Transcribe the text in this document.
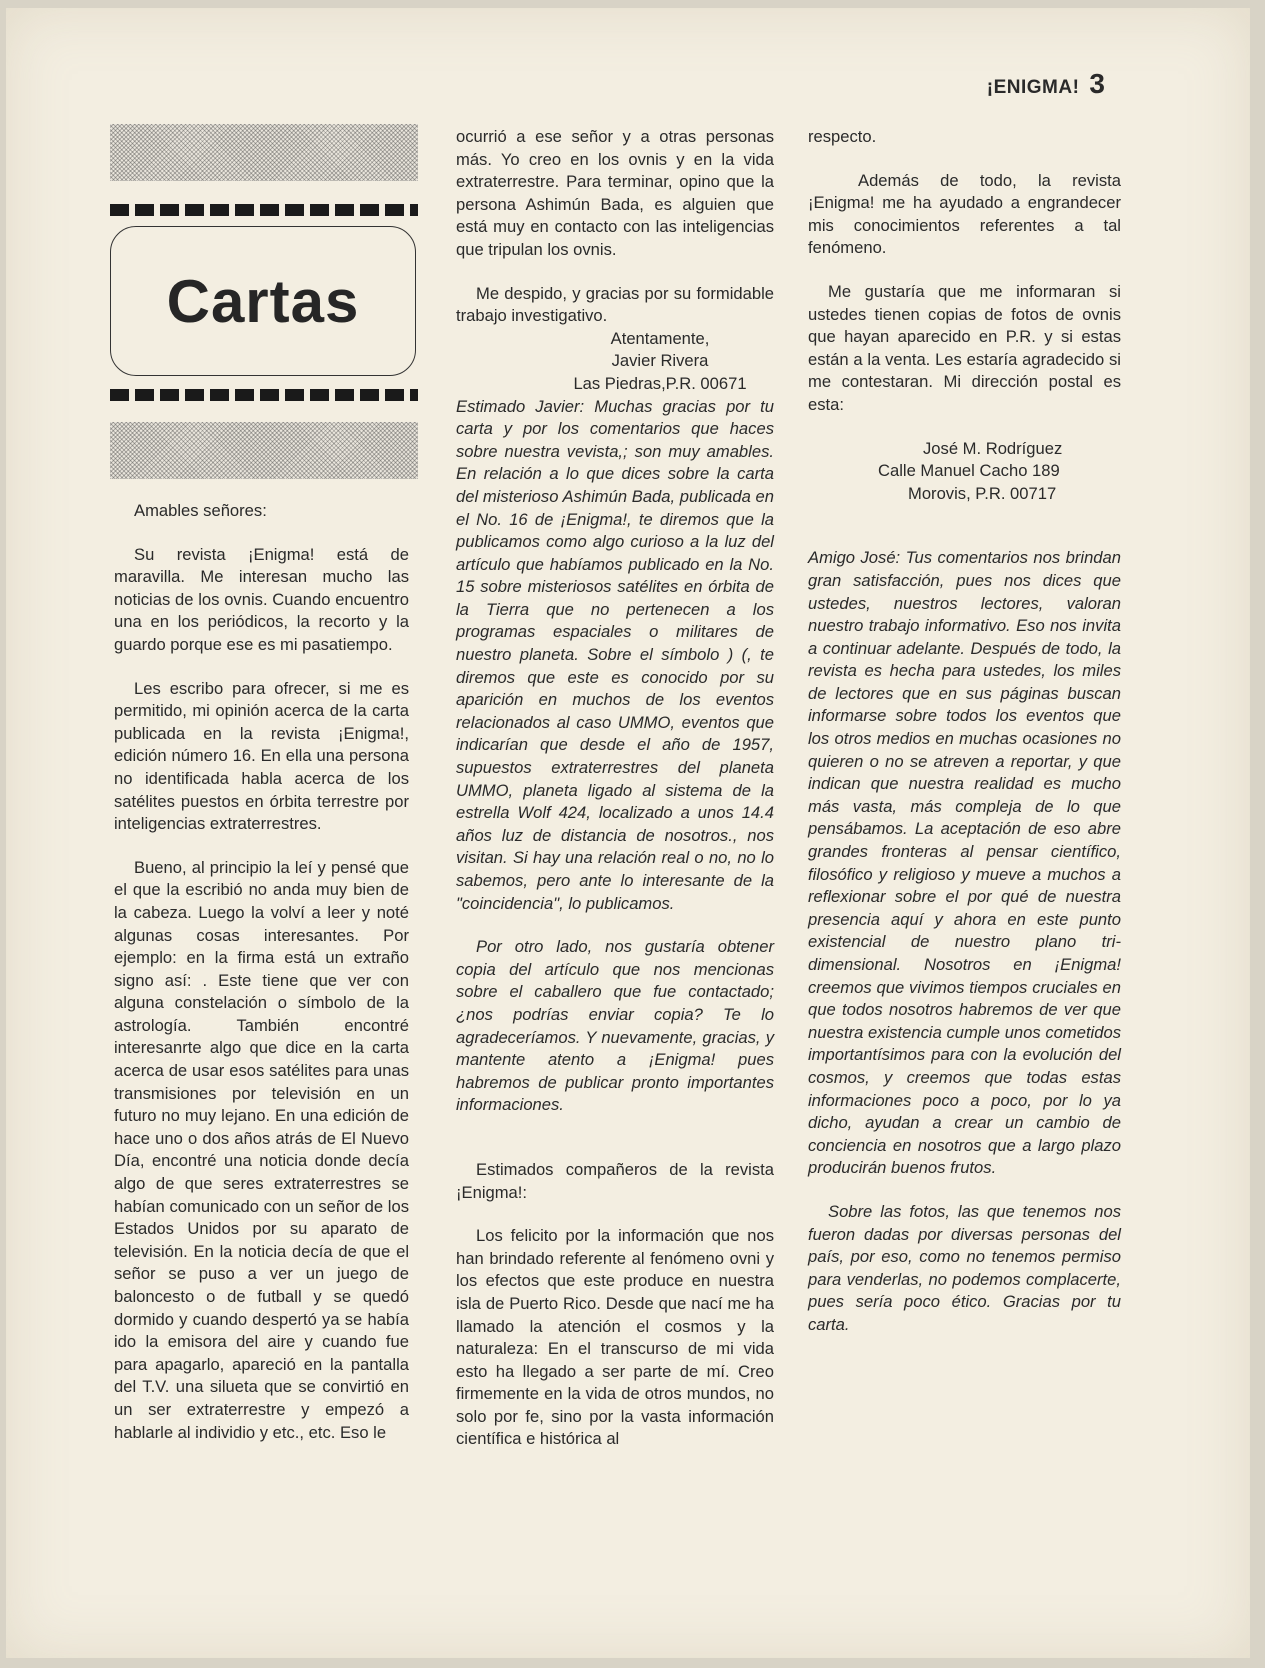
¡ENIGMA! 3
Cartas

Amables señores:

Su revista ¡Enigma! está de maravilla. Me interesan mucho las noticias de los ovnis. Cuando encuentro una en los periódicos, la recorto y la guardo porque ese es mi pasatiempo.

Les escribo para ofrecer, si me es permitido, mi opinión acerca de la carta publicada en la revista ¡Enigma!, edición número 16. En ella una persona no identificada habla acerca de los satélites puestos en órbita terrestre por inteligencias extraterrestres.

Bueno, al principio la leí y pensé que el que la escribió no anda muy bien de la cabeza. Luego la volví a leer y noté algunas cosas interesantes. Por ejemplo: en la firma está un extraño signo así: . Este tiene que ver con alguna constelación o símbolo de la astrología. También encontré interesanrte algo que dice en la carta acerca de usar esos satélites para unas transmisiones por televisión en un futuro no muy lejano. En una edición de hace uno o dos años atrás de El Nuevo Día, encontré una noticia donde decía algo de que seres extraterrestres se habían comunicado con un señor de los Estados Unidos por su aparato de televisión. En la noticia decía de que el señor se puso a ver un juego de baloncesto o de futball y se quedó dormido y cuando despertó ya se había ido la emisora del aire y cuando fue para apagarlo, apareció en la pantalla del T.V. una silueta que se convirtió en un ser extraterrestre y empezó a hablarle al individio y etc., etc. Eso le

ocurrió a ese señor y a otras personas más. Yo creo en los ovnis y en la vida extraterrestre. Para terminar, opino que la persona Ashimún Bada, es alguien que está muy en contacto con las inteligencias que tripulan los ovnis.

Me despido, y gracias por su formidable trabajo investigativo.

Atentamente,

Javier Rivera

Las Piedras,P.R. 00671

Estimado Javier: Muchas gracias por tu carta y por los comentarios que haces sobre nuestra vevista,; son muy amables. En relación a lo que dices sobre la carta del misterioso Ashimún Bada, publicada en el No. 16 de ¡Enigma!, te diremos que la publicamos como algo curioso a la luz del artículo que habíamos publicado en la No. 15 sobre misteriosos satélites en órbita de la Tierra que no pertenecen a los programas espaciales o militares de nuestro planeta. Sobre el símbolo ) (, te diremos que este es conocido por su aparición en muchos de los eventos relacionados al caso UMMO, eventos que indicarían que desde el año de 1957, supuestos extraterrestres del planeta UMMO, planeta ligado al sistema de la estrella Wolf 424, localizado a unos 14.4 años luz de distancia de nosotros., nos visitan. Si hay una relación real o no, no lo sabemos, pero ante lo interesante de la "coincidencia", lo publicamos.

Por otro lado, nos gustaría obtener copia del artículo que nos mencionas sobre el caballero que fue contactado; ¿nos podrías enviar copia? Te lo agradeceríamos. Y nuevamente, gracias, y mantente atento a ¡Enigma! pues habremos de publicar pronto importantes informaciones.

Estimados compañeros de la revista ¡Enigma!:

Los felicito por la información que nos han brindado referente al fenómeno ovni y los efectos que este produce en nuestra isla de Puerto Rico. Desde que nací me ha llamado la atención el cosmos y la naturaleza: En el transcurso de mi vida esto ha llegado a ser parte de mí. Creo firmemente en la vida de otros mundos, no solo por fe, sino por la vasta información científica e histórica al

respecto.

Además de todo, la revista ¡Enigma! me ha ayudado a engrandecer mis conocimientos referentes a tal fenómeno.

Me gustaría que me informaran si ustedes tienen copias de fotos de ovnis que hayan aparecido en P.R. y si estas están a la venta. Les estaría agradecido si me contestaran. Mi dirección postal es esta:

José M. Rodríguez

Calle Manuel Cacho 189

Morovis, P.R. 00717

Amigo José: Tus comentarios nos brindan gran satisfacción, pues nos dices que ustedes, nuestros lectores, valoran nuestro trabajo informativo. Eso nos invita a continuar adelante. Después de todo, la revista es hecha para ustedes, los miles de lectores que en sus páginas buscan informarse sobre todos los eventos que los otros medios en muchas ocasiones no quieren o no se atreven a reportar, y que indican que nuestra realidad es mucho más vasta, más compleja de lo que pensábamos. La aceptación de eso abre grandes fronteras al pensar científico, filosófico y religioso y mueve a muchos a reflexionar sobre el por qué de nuestra presencia aquí y ahora en este punto existencial de nuestro plano tri-dimensional. Nosotros en ¡Enigma! creemos que vivimos tiempos cruciales en que todos nosotros habremos de ver que nuestra existencia cumple unos cometidos importantísimos para con la evolución del cosmos, y creemos que todas estas informaciones poco a poco, por lo ya dicho, ayudan a crear un cambio de conciencia en nosotros que a largo plazo producirán buenos frutos.

Sobre las fotos, las que tenemos nos fueron dadas por diversas personas del país, por eso, como no tenemos permiso para venderlas, no podemos complacerte, pues sería poco ético. Gracias por tu carta.
